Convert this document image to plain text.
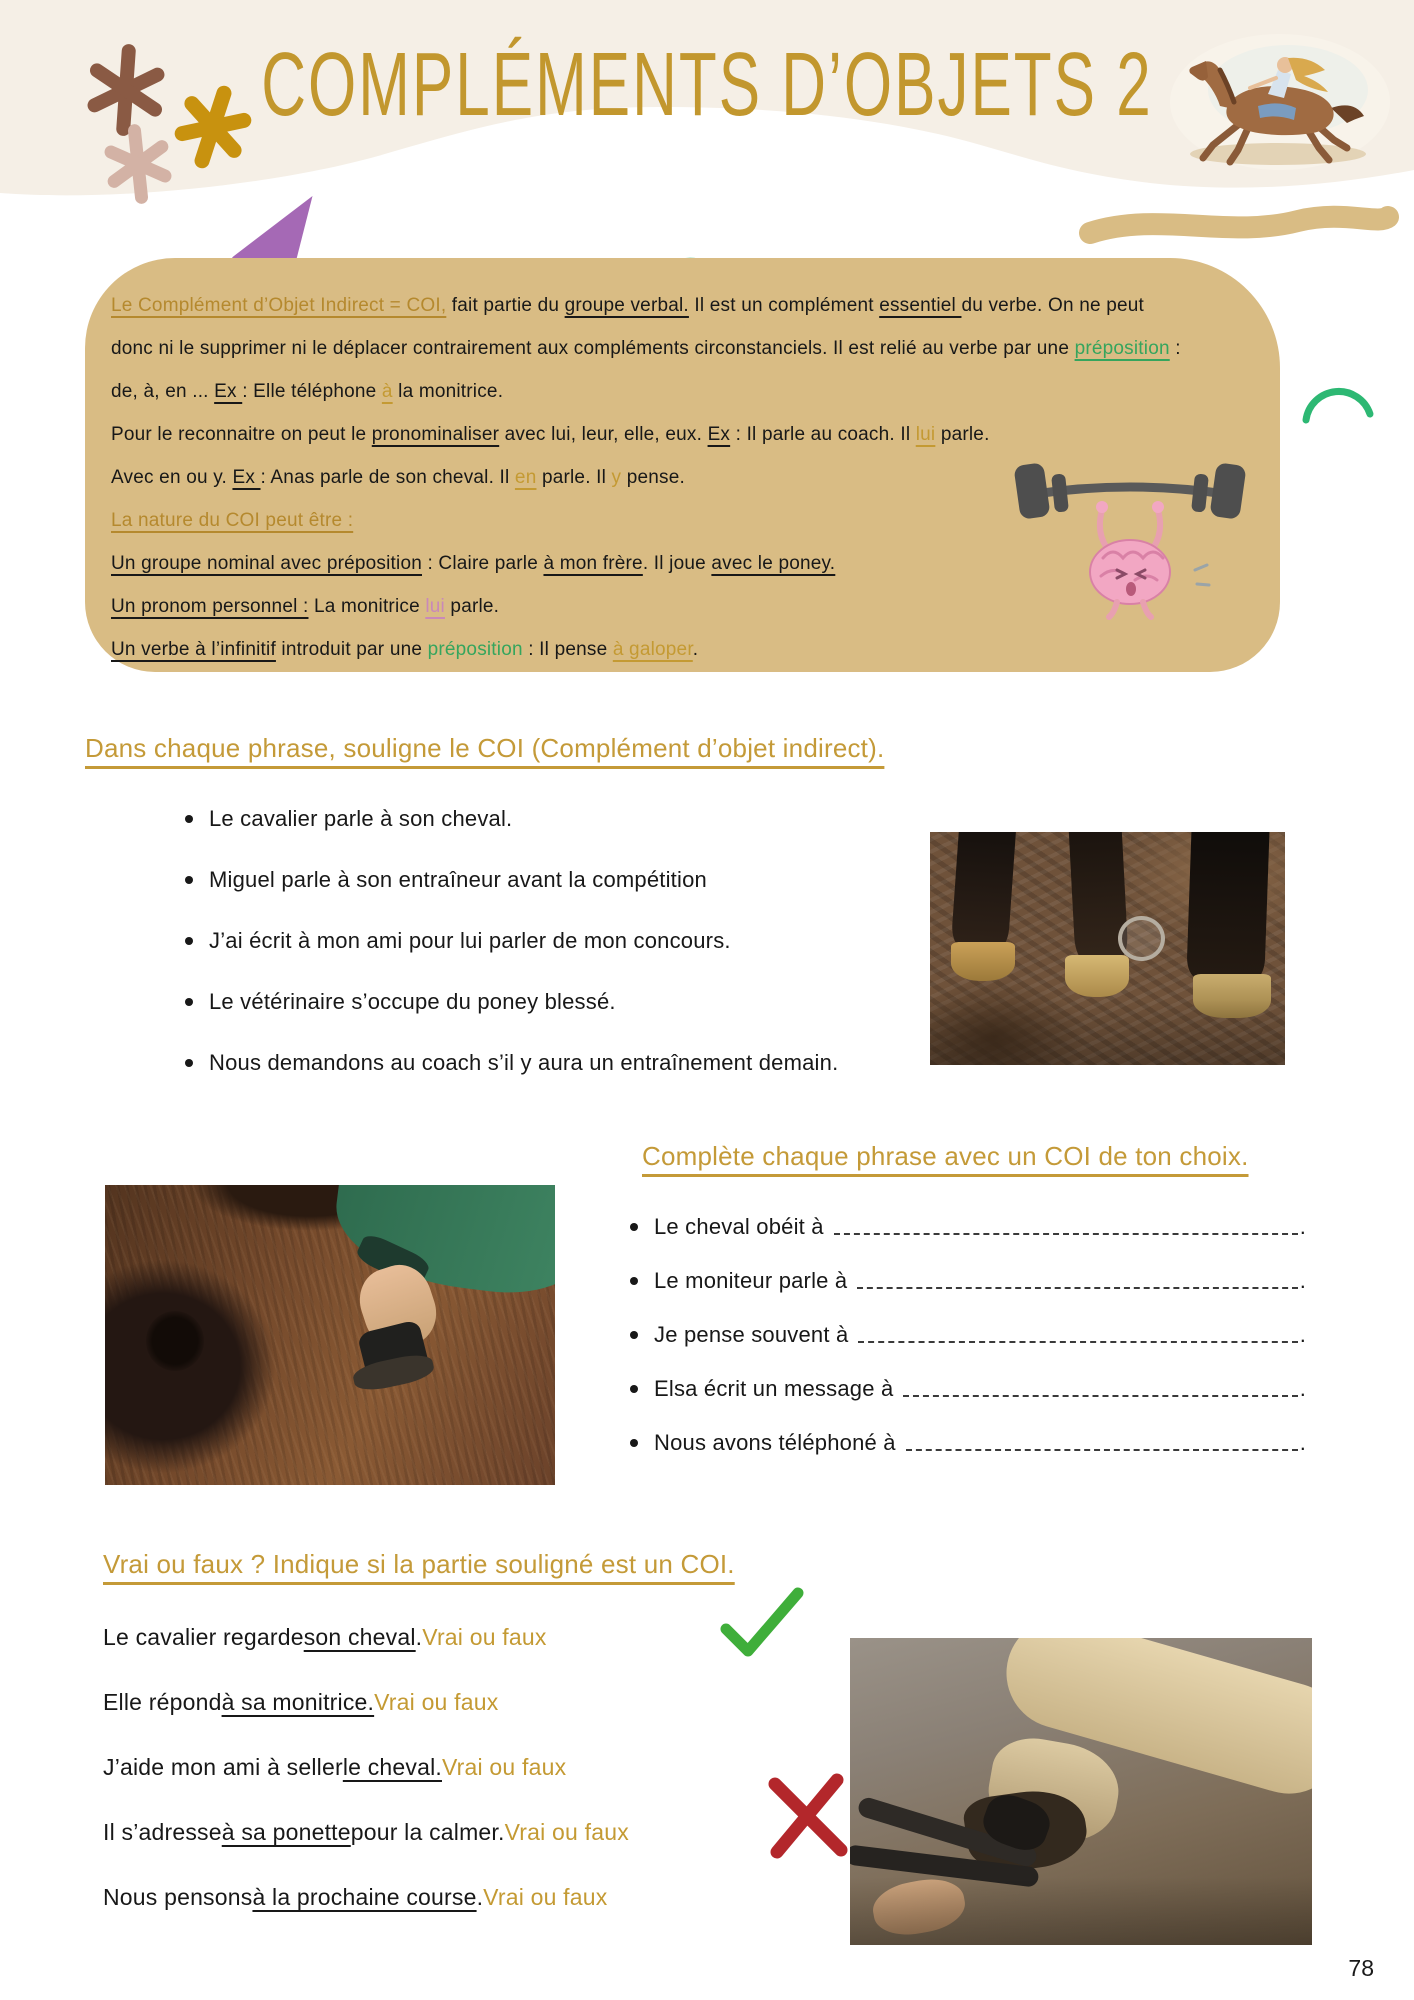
COMPLÉMENTS D’OBJETS 2
Le Complément d’Objet Indirect = COI, fait partie du groupe verbal. Il est un complément essentiel du verbe. On ne peut
donc ni le supprimer ni le déplacer contrairement aux compléments circonstanciels. Il est relié au verbe par une préposition :
de, à, en ... Ex : Elle téléphone à la monitrice.
Pour le reconnaitre on peut le pronominaliser avec lui, leur, elle, eux. Ex : Il parle au coach. Il lui parle.
Avec en ou y. Ex : Anas parle de son cheval. Il en parle. Il y pense.
La nature du COI peut être :
Un groupe nominal avec préposition : Claire parle à mon frère. Il joue avec le poney.
Un pronom personnel : La monitrice lui parle.
Un verbe à l’infinitif introduit par une préposition : Il pense à galoper.
Dans chaque phrase, souligne le COI (Complément d’objet indirect).
Le cavalier parle à son cheval.
Miguel parle à son entraîneur avant la compétition
J’ai écrit à mon ami pour lui parler de mon concours.
Le vétérinaire s’occupe du poney blessé.
Nous demandons au coach s’il y aura un entraînement demain.
Complète chaque phrase avec un COI de ton choix.
Le cheval obéit à	.
Le moniteur parle à	.
Je pense souvent à	.
Elsa écrit un message à	.
Nous avons téléphoné à	.
Vrai ou faux ? Indique si la partie souligné est un COI.
Le cavalier regarde son cheval . Vrai ou faux
Elle répond à sa monitrice. Vrai ou faux
J’aide mon ami à seller le cheval. Vrai ou faux
Il s’adresse à sa ponette pour la calmer. Vrai ou faux
Nous pensons à la prochaine course . Vrai ou faux
78
